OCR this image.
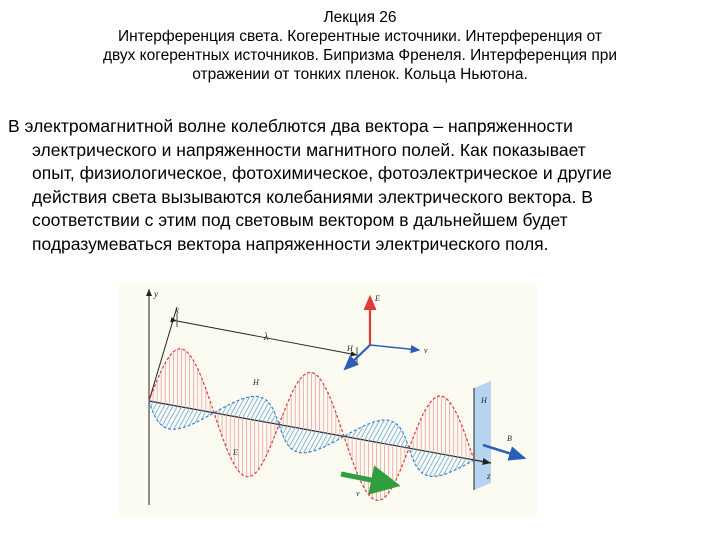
Лекция 26
Интерференция света. Когерентные источники. Интерференция от
двух когерентных источников. Бипризма Френеля. Интерференция при
отражении от тонких пленок. Кольца Ньютона.
В электромагнитной волне колеблются два вектора – напряженности
электрического и напряженности магнитного полей. Как показывает
опыт, физиологическое, фотохимическое, фотоэлектрическое и другие
действия света вызываются колебаниями электрического вектора. В
соответствии с этим под световым вектором в дальнейшем будет
подразумеваться вектора напряженности электрического поля.
y
x
z
λ
H
E
H
E
H	v
B
v
